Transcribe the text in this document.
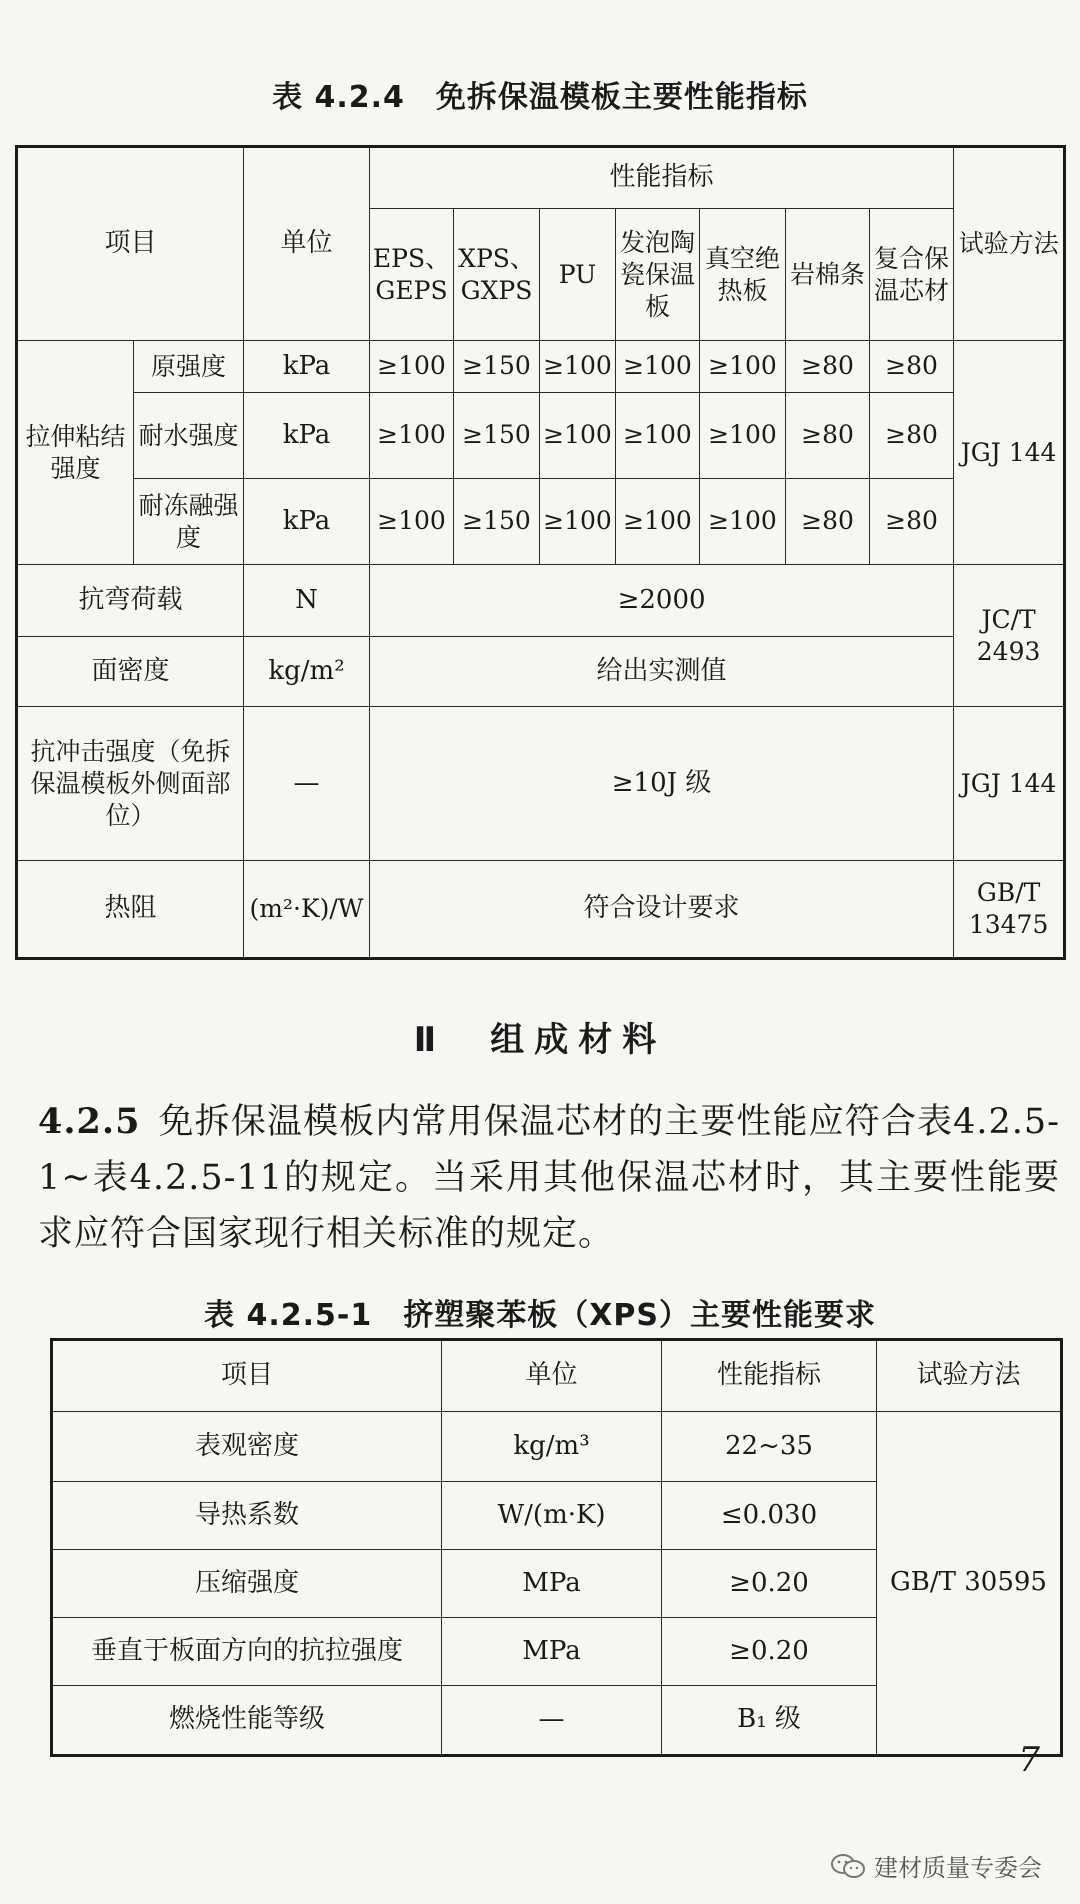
表 4.2.4　免拆保温模板主要性能指标
项目		单位	性能指标							试验方法
			EPS、GEPS	XPS、GXPS	PU	发泡陶瓷保温板	真空绝热板	岩棉条	复合保温芯材	
拉伸粘结强度	原强度	kPa	≥100	≥150	≥100	≥100	≥100	≥80	≥80	JGJ 144
	耐水强度	kPa	≥100	≥150	≥100	≥100	≥100	≥80	≥80	
	耐冻融强度	kPa	≥100	≥150	≥100	≥100	≥100	≥80	≥80	
抗弯荷载		N	≥2000							JC/T 2493
面密度		kg/m²	给出实测值							
抗冲击强度（免拆保温模板外侧面部位）		—	≥10J 级							JGJ 144
热阻		(m²·K)/W	符合设计要求							GB/T 13475
Ⅱ　组成材料
4.2.5 免拆保温模板内常用保温芯材的主要性能应符合表4.2.5-1~表4.2.5-11的规定。当采用其他保温芯材时，其主要性能要求应符合国家现行相关标准的规定。
表 4.2.5-1　挤塑聚苯板（XPS）主要性能要求
项目	单位	性能指标	试验方法
表观密度	kg/m³	22~35	GB/T 30595
导热系数	W/(m·K)	≤0.030	
压缩强度	MPa	≥0.20	
垂直于板面方向的抗拉强度	MPa	≥0.20	
燃烧性能等级	—	B₁ 级	
7
建材质量专委会
